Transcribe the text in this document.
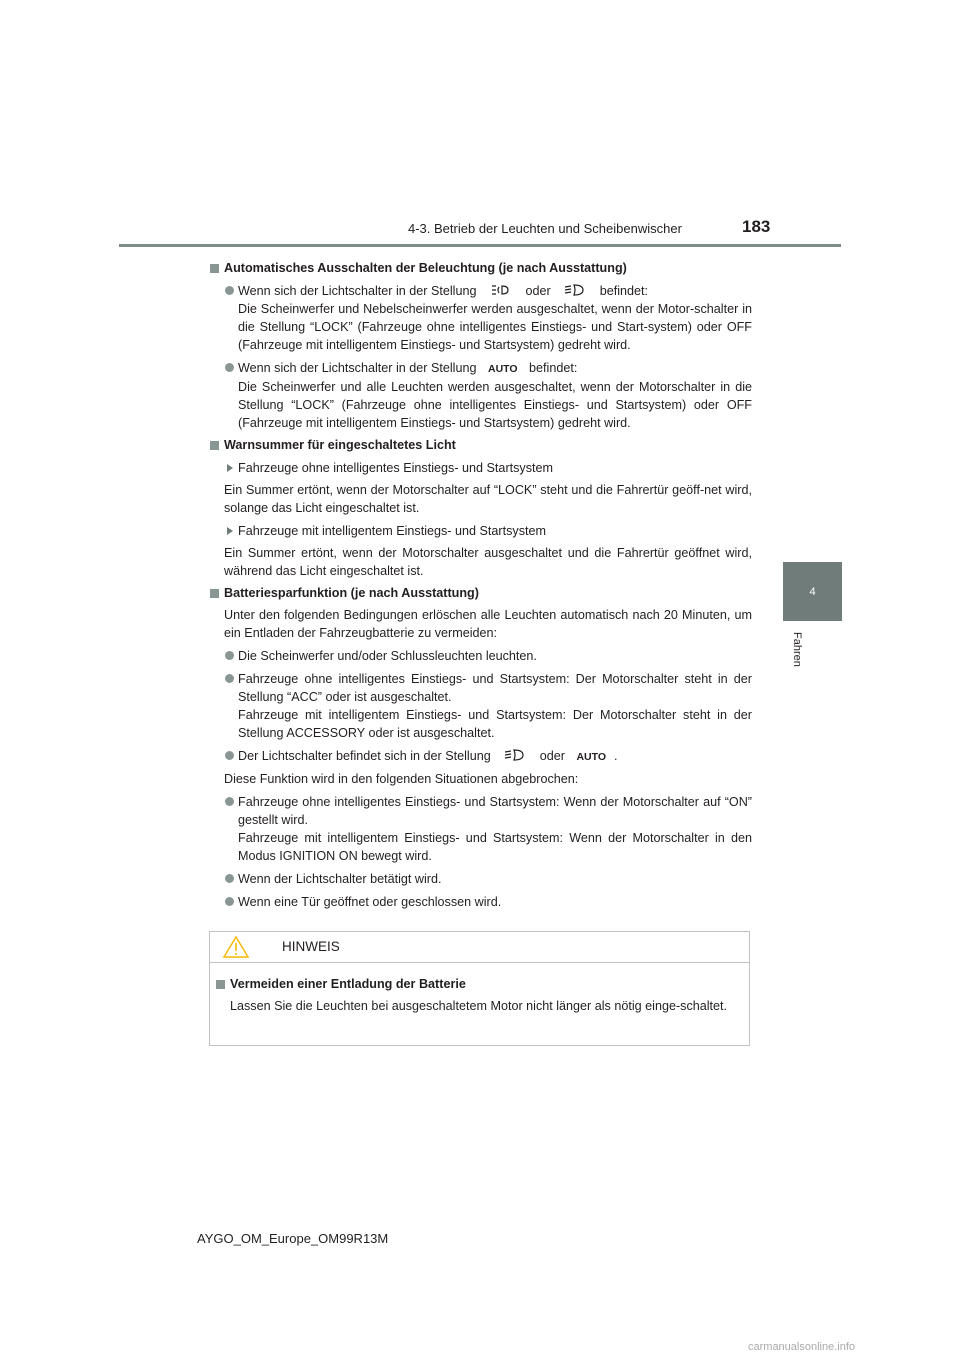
4-3. Betrieb der Leuchten und Scheibenwischer	183
4
Fahren
Automatisches Ausschalten der Beleuchtung (je nach Ausstattung)
Wenn sich der Lichtschalter in der Stellung	oder	befindet:
Die Scheinwerfer und Nebelscheinwerfer werden ausgeschaltet, wenn der Motor-schalter in die Stellung “LOCK” (Fahrzeuge ohne intelligentes Einstiegs- und Start-system) oder OFF (Fahrzeuge mit intelligentem Einstiegs- und Startsystem) gedreht wird.
Wenn sich der Lichtschalter in der Stellung AUTO befindet:
Die Scheinwerfer und alle Leuchten werden ausgeschaltet, wenn der Motorschalter in die Stellung “LOCK” (Fahrzeuge ohne intelligentes Einstiegs- und Startsystem) oder OFF (Fahrzeuge mit intelligentem Einstiegs- und Startsystem) gedreht wird.
Warnsummer für eingeschaltetes Licht
Fahrzeuge ohne intelligentes Einstiegs- und Startsystem
Ein Summer ertönt, wenn der Motorschalter auf “LOCK” steht und die Fahrertür geöff-net wird, solange das Licht eingeschaltet ist.
Fahrzeuge mit intelligentem Einstiegs- und Startsystem
Ein Summer ertönt, wenn der Motorschalter ausgeschaltet und die Fahrertür geöffnet wird, während das Licht eingeschaltet ist.
Batteriesparfunktion (je nach Ausstattung)
Unter den folgenden Bedingungen erlöschen alle Leuchten automatisch nach 20 Minuten, um ein Entladen der Fahrzeugbatterie zu vermeiden:
Die Scheinwerfer und/oder Schlussleuchten leuchten.
Fahrzeuge ohne intelligentes Einstiegs- und Startsystem: Der Motorschalter steht in der Stellung “ACC” oder ist ausgeschaltet.
Fahrzeuge mit intelligentem Einstiegs- und Startsystem: Der Motorschalter steht in der Stellung ACCESSORY oder ist ausgeschaltet.
Der Lichtschalter befindet sich in der Stellung	oder AUTO .
Diese Funktion wird in den folgenden Situationen abgebrochen:
Fahrzeuge ohne intelligentes Einstiegs- und Startsystem: Wenn der Motorschalter auf “ON” gestellt wird.
Fahrzeuge mit intelligentem Einstiegs- und Startsystem: Wenn der Motorschalter in den Modus IGNITION ON bewegt wird.
Wenn der Lichtschalter betätigt wird.
Wenn eine Tür geöffnet oder geschlossen wird.
HINWEIS
Vermeiden einer Entladung der Batterie
Lassen Sie die Leuchten bei ausgeschaltetem Motor nicht länger als nötig einge-schaltet.
AYGO_OM_Europe_OM99R13M
carmanualsonline.info
